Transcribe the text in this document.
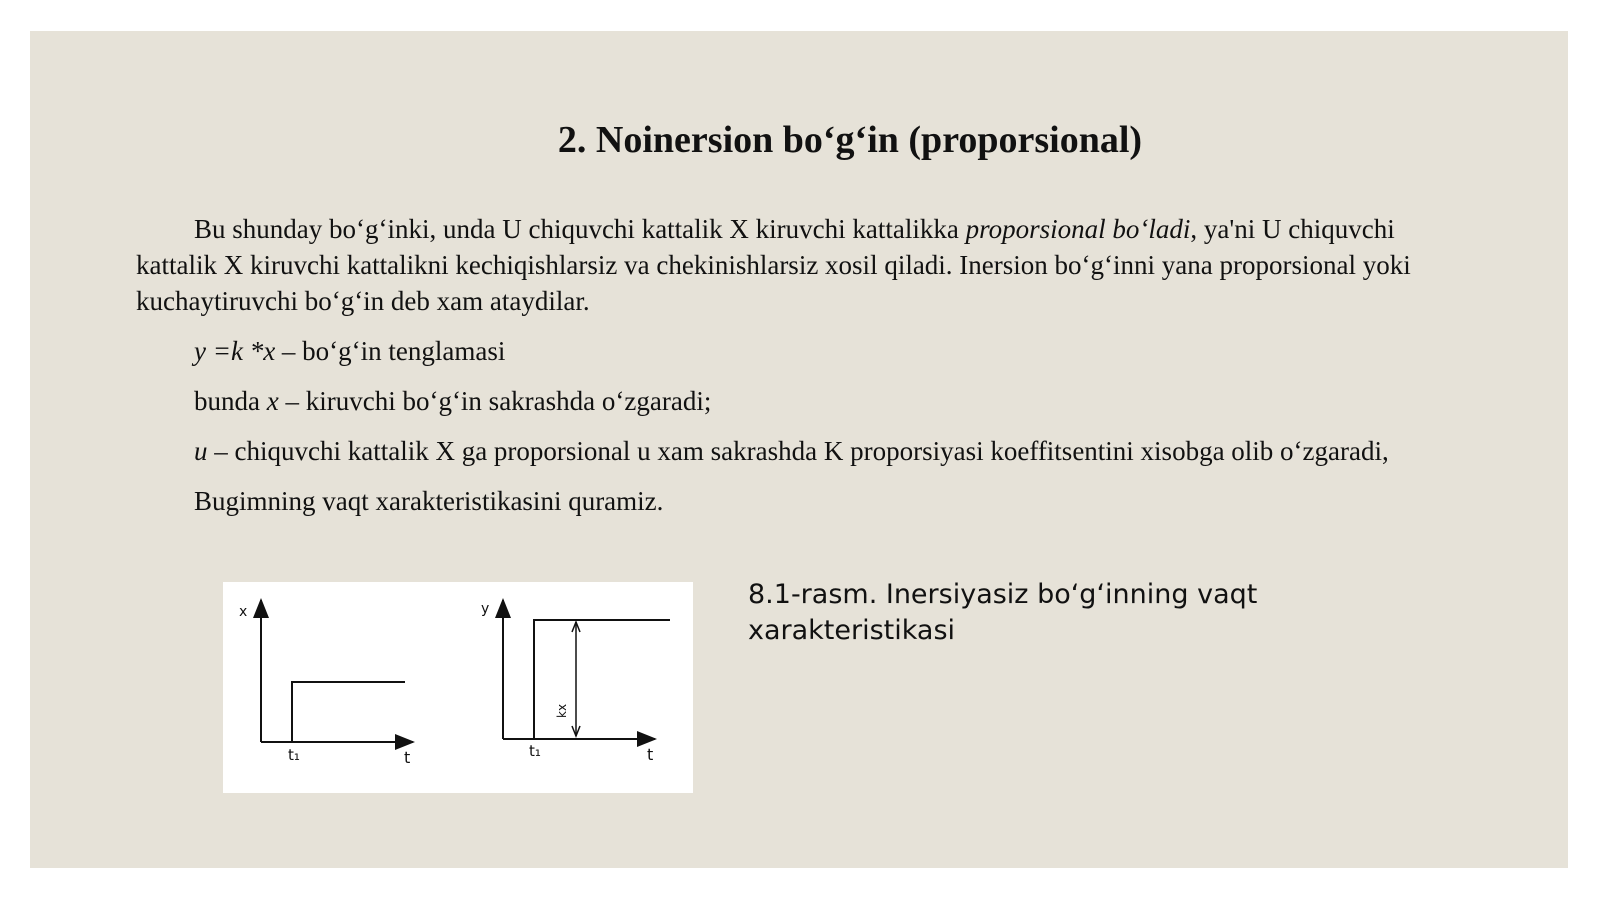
2. Noinersion bo‘g‘in (proporsional)

Bu shunday bo‘g‘inki, unda U chiquvchi kattalik X kiruvchi kattalikka proporsional bo‘ladi, ya'ni U chiquvchi kattalik X kiruvchi kattalikni kechiqishlarsiz va chekinishlarsiz xosil qiladi. Inersion bo‘g‘inni yana proporsional yoki kuchaytiruvchi bo‘g‘in deb xam ataydilar.

y =k *x – bo‘g‘in tenglamasi

bunda x – kiruvchi bo‘g‘in sakrashda o‘zgaradi;

u – chiquvchi kattalik X ga proporsional u xam sakrashda K proporsiyasi koeffitsentini xisobga olib o‘zgaradi,

Bugimning vaqt xarakteristikasini quramiz.

x
t
t₁
kx
y
t
t₁
8.1-rasm. Inersiyasiz bo‘g‘inning vaqt xarakteristikasi
